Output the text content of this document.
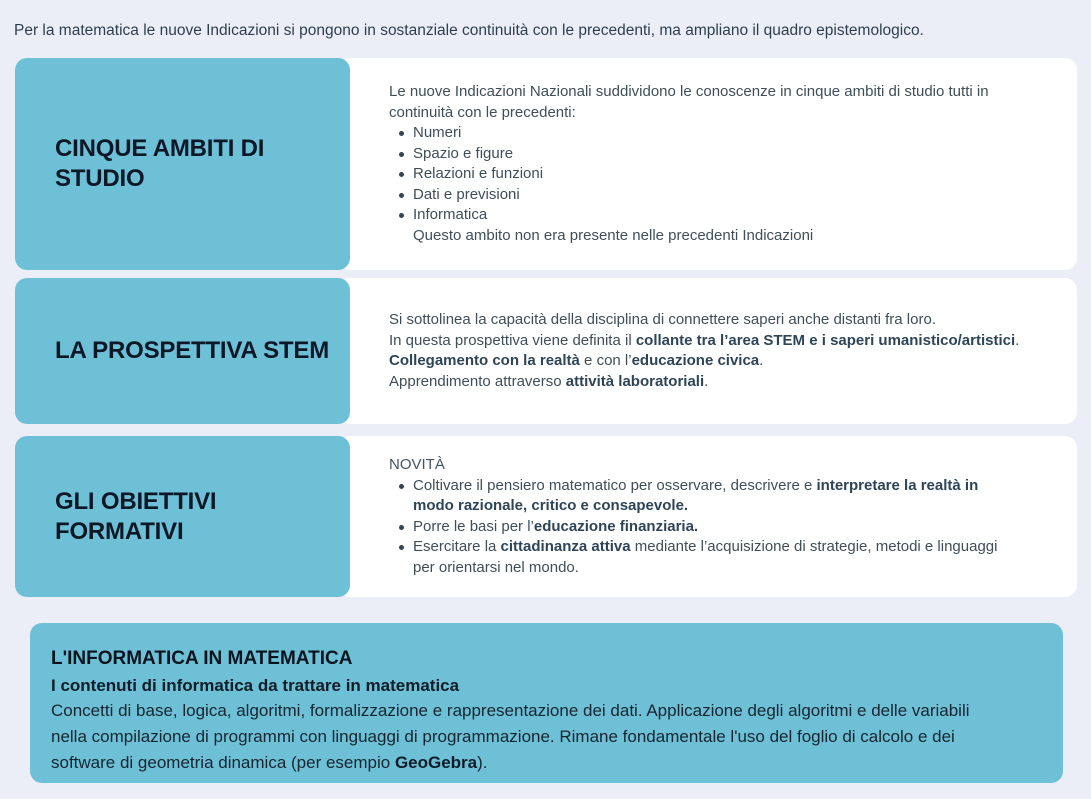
Per la matematica le nuove Indicazioni si pongono in sostanziale continuità con le precedenti, ma ampliano il quadro epistemologico.

CINQUE AMBITI DI STUDIO

Le nuove Indicazioni Nazionali suddividono le conoscenze in cinque ambiti di studio tutti in continuità con le precedenti:

Numeri
Spazio e figure
Relazioni e funzioni
Dati e previsioni
Informatica

Questo ambito non era presente nelle precedenti Indicazioni

LA PROSPETTIVA STEM

Si sottolinea la capacità della disciplina di connettere saperi anche distanti fra loro.

In questa prospettiva viene definita il collante tra l’area STEM e i saperi umanistico/artistici.

Collegamento con la realtà e con l’educazione civica.

Apprendimento attraverso attività laboratoriali.

GLI OBIETTIVI FORMATIVI

NOVITÀ

Coltivare il pensiero matematico per osservare, descrivere e interpretare la realtà in modo razionale, critico e consapevole.
Porre le basi per l’educazione finanziaria.
Esercitare la cittadinanza attiva mediante l’acquisizione di strategie, metodi e linguaggi per orientarsi nel mondo.
L'INFORMATICA IN MATEMATICA
I contenuti di informatica da trattare in matematica

Concetti di base, logica, algoritmi, formalizzazione e rappresentazione dei dati. Applicazione degli algoritmi e delle variabili nella compilazione di programmi con linguaggi di programmazione. Rimane fondamentale l'uso del foglio di calcolo e dei software di geometria dinamica (per esempio GeoGebra).
